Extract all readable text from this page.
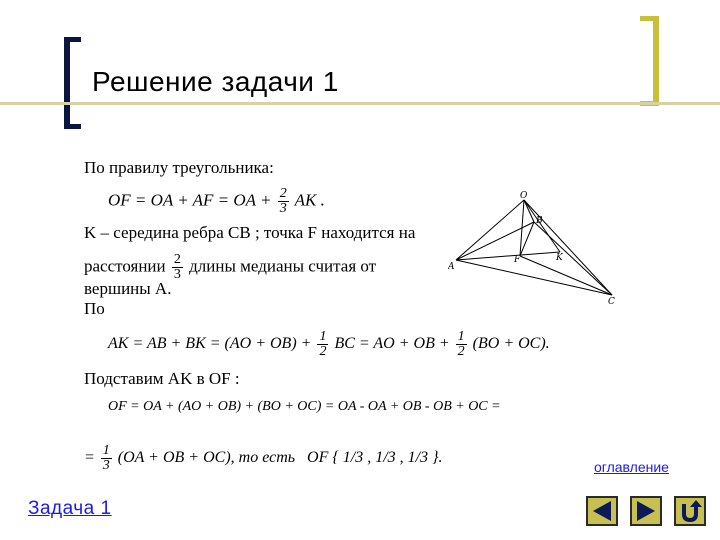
Решение задачи 1
По правилу треугольника:
OF = OA + AF = OA + $\frac{2}{3}$ AK .
K – середина ребра CB ; точка F находится на
расстоянии $\frac{2}{3}$ длины медианы считая от
вершины A.
По
AK = AB + BK = $(AO + OB) + \frac{1}{2}$ BC = AO + OB + $\frac{1}{2} (BO + OC)$.
Подставим AK в OF :
OF = OA + (AO + OB) + (BO + OC) = OA - OA + OB - OB + OC =
= $\frac{1}{3} (OA$ + OB + OC), то есть OF { 1/3 , 1/3 , 1/3 }.
O
B
K
F
A
C
оглавление
Задача 1
